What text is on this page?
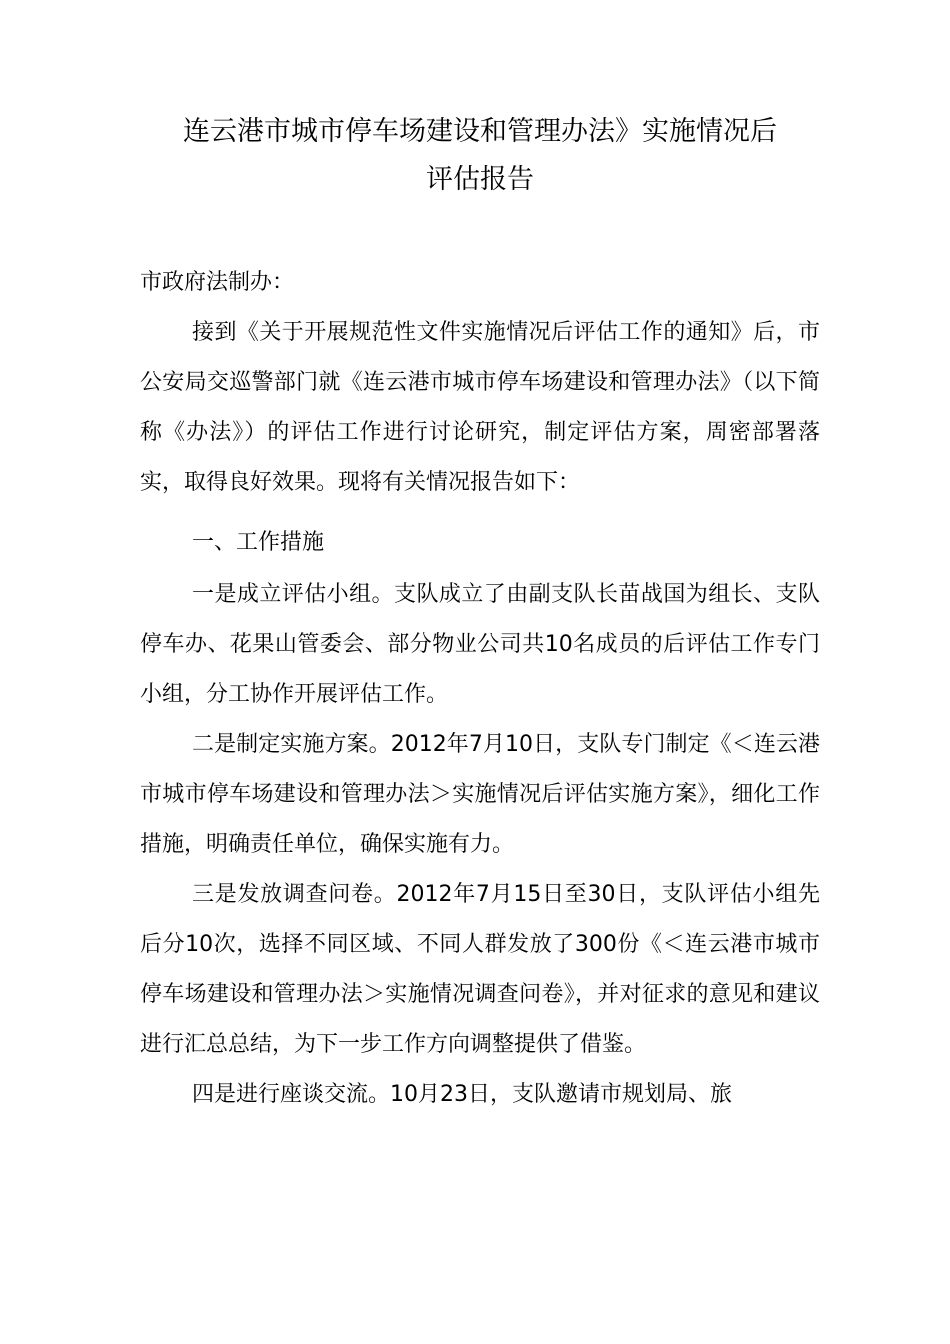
连云港市城市停车场建设和管理办法》实施情况后
评估报告
市政府法制办：

接到《关于开展规范性文件实施情况后评估工作的通知》后，市公安局交巡警部门就《连云港市城市停车场建设和管理办法》（以下简称《办法》）的评估工作进行讨论研究，制定评估方案，周密部署落实，取得良好效果。现将有关情况报告如下：

一、工作措施

一是成立评估小组。支队成立了由副支队长苗战国为组长、支队停车办、花果山管委会、部分物业公司共10名成员的后评估工作专门小组，分工协作开展评估工作。

二是制定实施方案。2012年7月10日，支队专门制定《＜连云港市城市停车场建设和管理办法＞实施情况后评估实施方案》，细化工作措施，明确责任单位，确保实施有力。

三是发放调查问卷。2012年7月15日至30日，支队评估小组先后分10次，选择不同区域、不同人群发放了300份《＜连云港市城市停车场建设和管理办法＞实施情况调查问卷》，并对征求的意见和建议进行汇总总结，为下一步工作方向调整提供了借鉴。

四是进行座谈交流。10月23日，支队邀请市规划局、旅
